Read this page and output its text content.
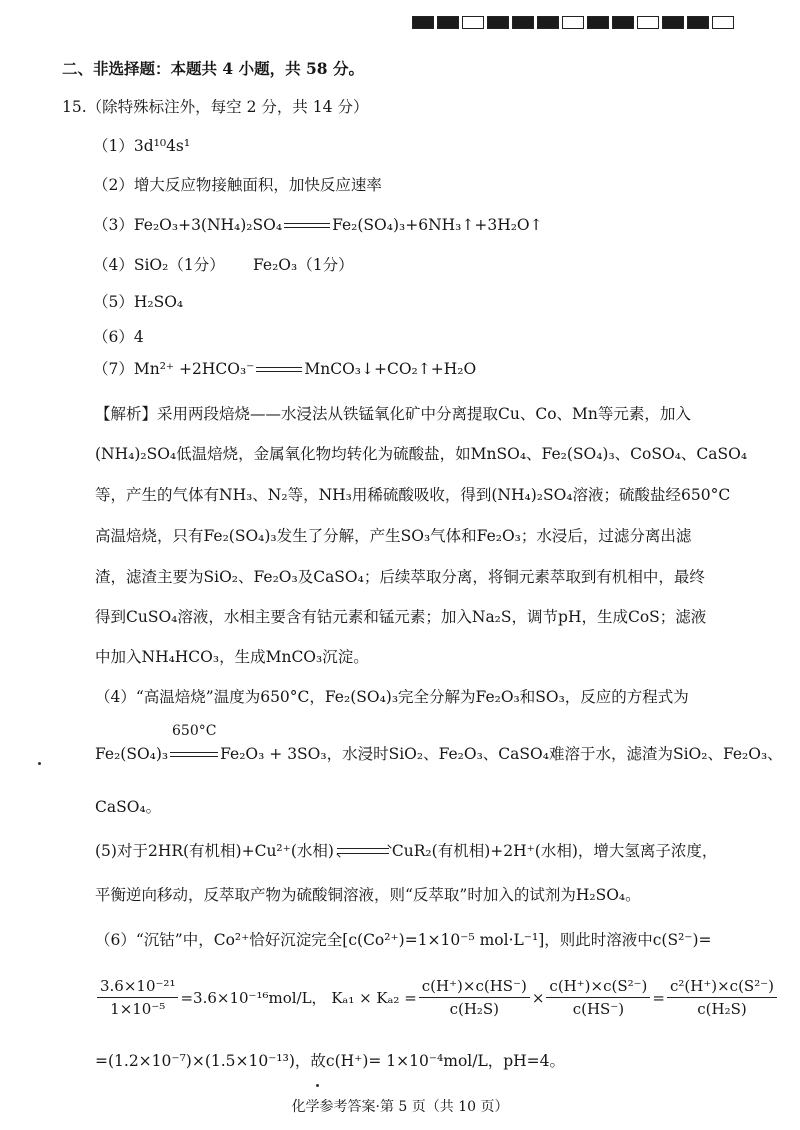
二、非选择题：本题共 4 小题，共 58 分。
15.（除特殊标注外，每空 2 分，共 14 分）
（1）3d¹⁰4s¹
（2）增大反应物接触面积，加快反应速率
（3）Fe₂O₃+3(NH₄)₂SO₄	Fe₂(SO₄)₃+6NH₃↑+3H₂O↑
（4）SiO₂（1分） Fe₂O₃（1分）
（5）H₂SO₄
（6）4
（7）Mn²⁺ +2HCO₃⁻	MnCO₃↓+CO₂↑+H₂O
【解析】采用两段焙烧——水浸法从铁锰氧化矿中分离提取Cu、Co、Mn等元素，加入
(NH₄)₂SO₄低温焙烧，金属氧化物均转化为硫酸盐，如MnSO₄、Fe₂(SO₄)₃、CoSO₄、CaSO₄
等，产生的气体有NH₃、N₂等，NH₃用稀硫酸吸收，得到(NH₄)₂SO₄溶液；硫酸盐经650°C
高温焙烧，只有Fe₂(SO₄)₃发生了分解，产生SO₃气体和Fe₂O₃；水浸后，过滤分离出滤
渣，滤渣主要为SiO₂、Fe₂O₃及CaSO₄；后续萃取分离，将铜元素萃取到有机相中，最终
得到CuSO₄溶液，水相主要含有钴元素和锰元素；加入Na₂S，调节pH，生成CoS；滤液
中加入NH₄HCO₃，生成MnCO₃沉淀。
（4）“高温焙烧”温度为650°C，Fe₂(SO₄)₃完全分解为Fe₂O₃和SO₃，反应的方程式为
650°C
Fe₂(SO₄)₃	Fe₂O₃ + 3SO₃，水浸时SiO₂、Fe₂O₃、CaSO₄难溶于水，滤渣为SiO₂、Fe₂O₃、
CaSO₄。
(5)对于2HR(有机相)+Cu²⁺(水相)	CuR₂(有机相)+2H⁺(水相)，增大氢离子浓度，
平衡逆向移动，反萃取产物为硫酸铜溶液，则“反萃取”时加入的试剂为H₂SO₄。
（6）“沉钴”中，Co²⁺恰好沉淀完全[c(Co²⁺)=1×10⁻⁵ mol·L⁻¹]，则此时溶液中c(S²⁻)=
$\frac{\text{3.6×10⁻²¹}}{\text{1×10⁻⁵}} =3.6\times 10^{-16}mol/L$， $K_{a1} \times K_{a2} = \frac{c(H^+)\times c(HS^-)}{\text{c(H₂S)}} \times \frac{\text{c(H⁺)×c(S²⁻)}}{c(HS^-)} = \frac{\text{c²(H⁺)×c(S²⁻)}}{\text{c(H₂S)}}$
=(1.2×10⁻⁷)×(1.5×10⁻¹³)，故c(H⁺)= 1×10⁻⁴mol/L，pH=4。
化学参考答案·第 5 页（共 10 页）
